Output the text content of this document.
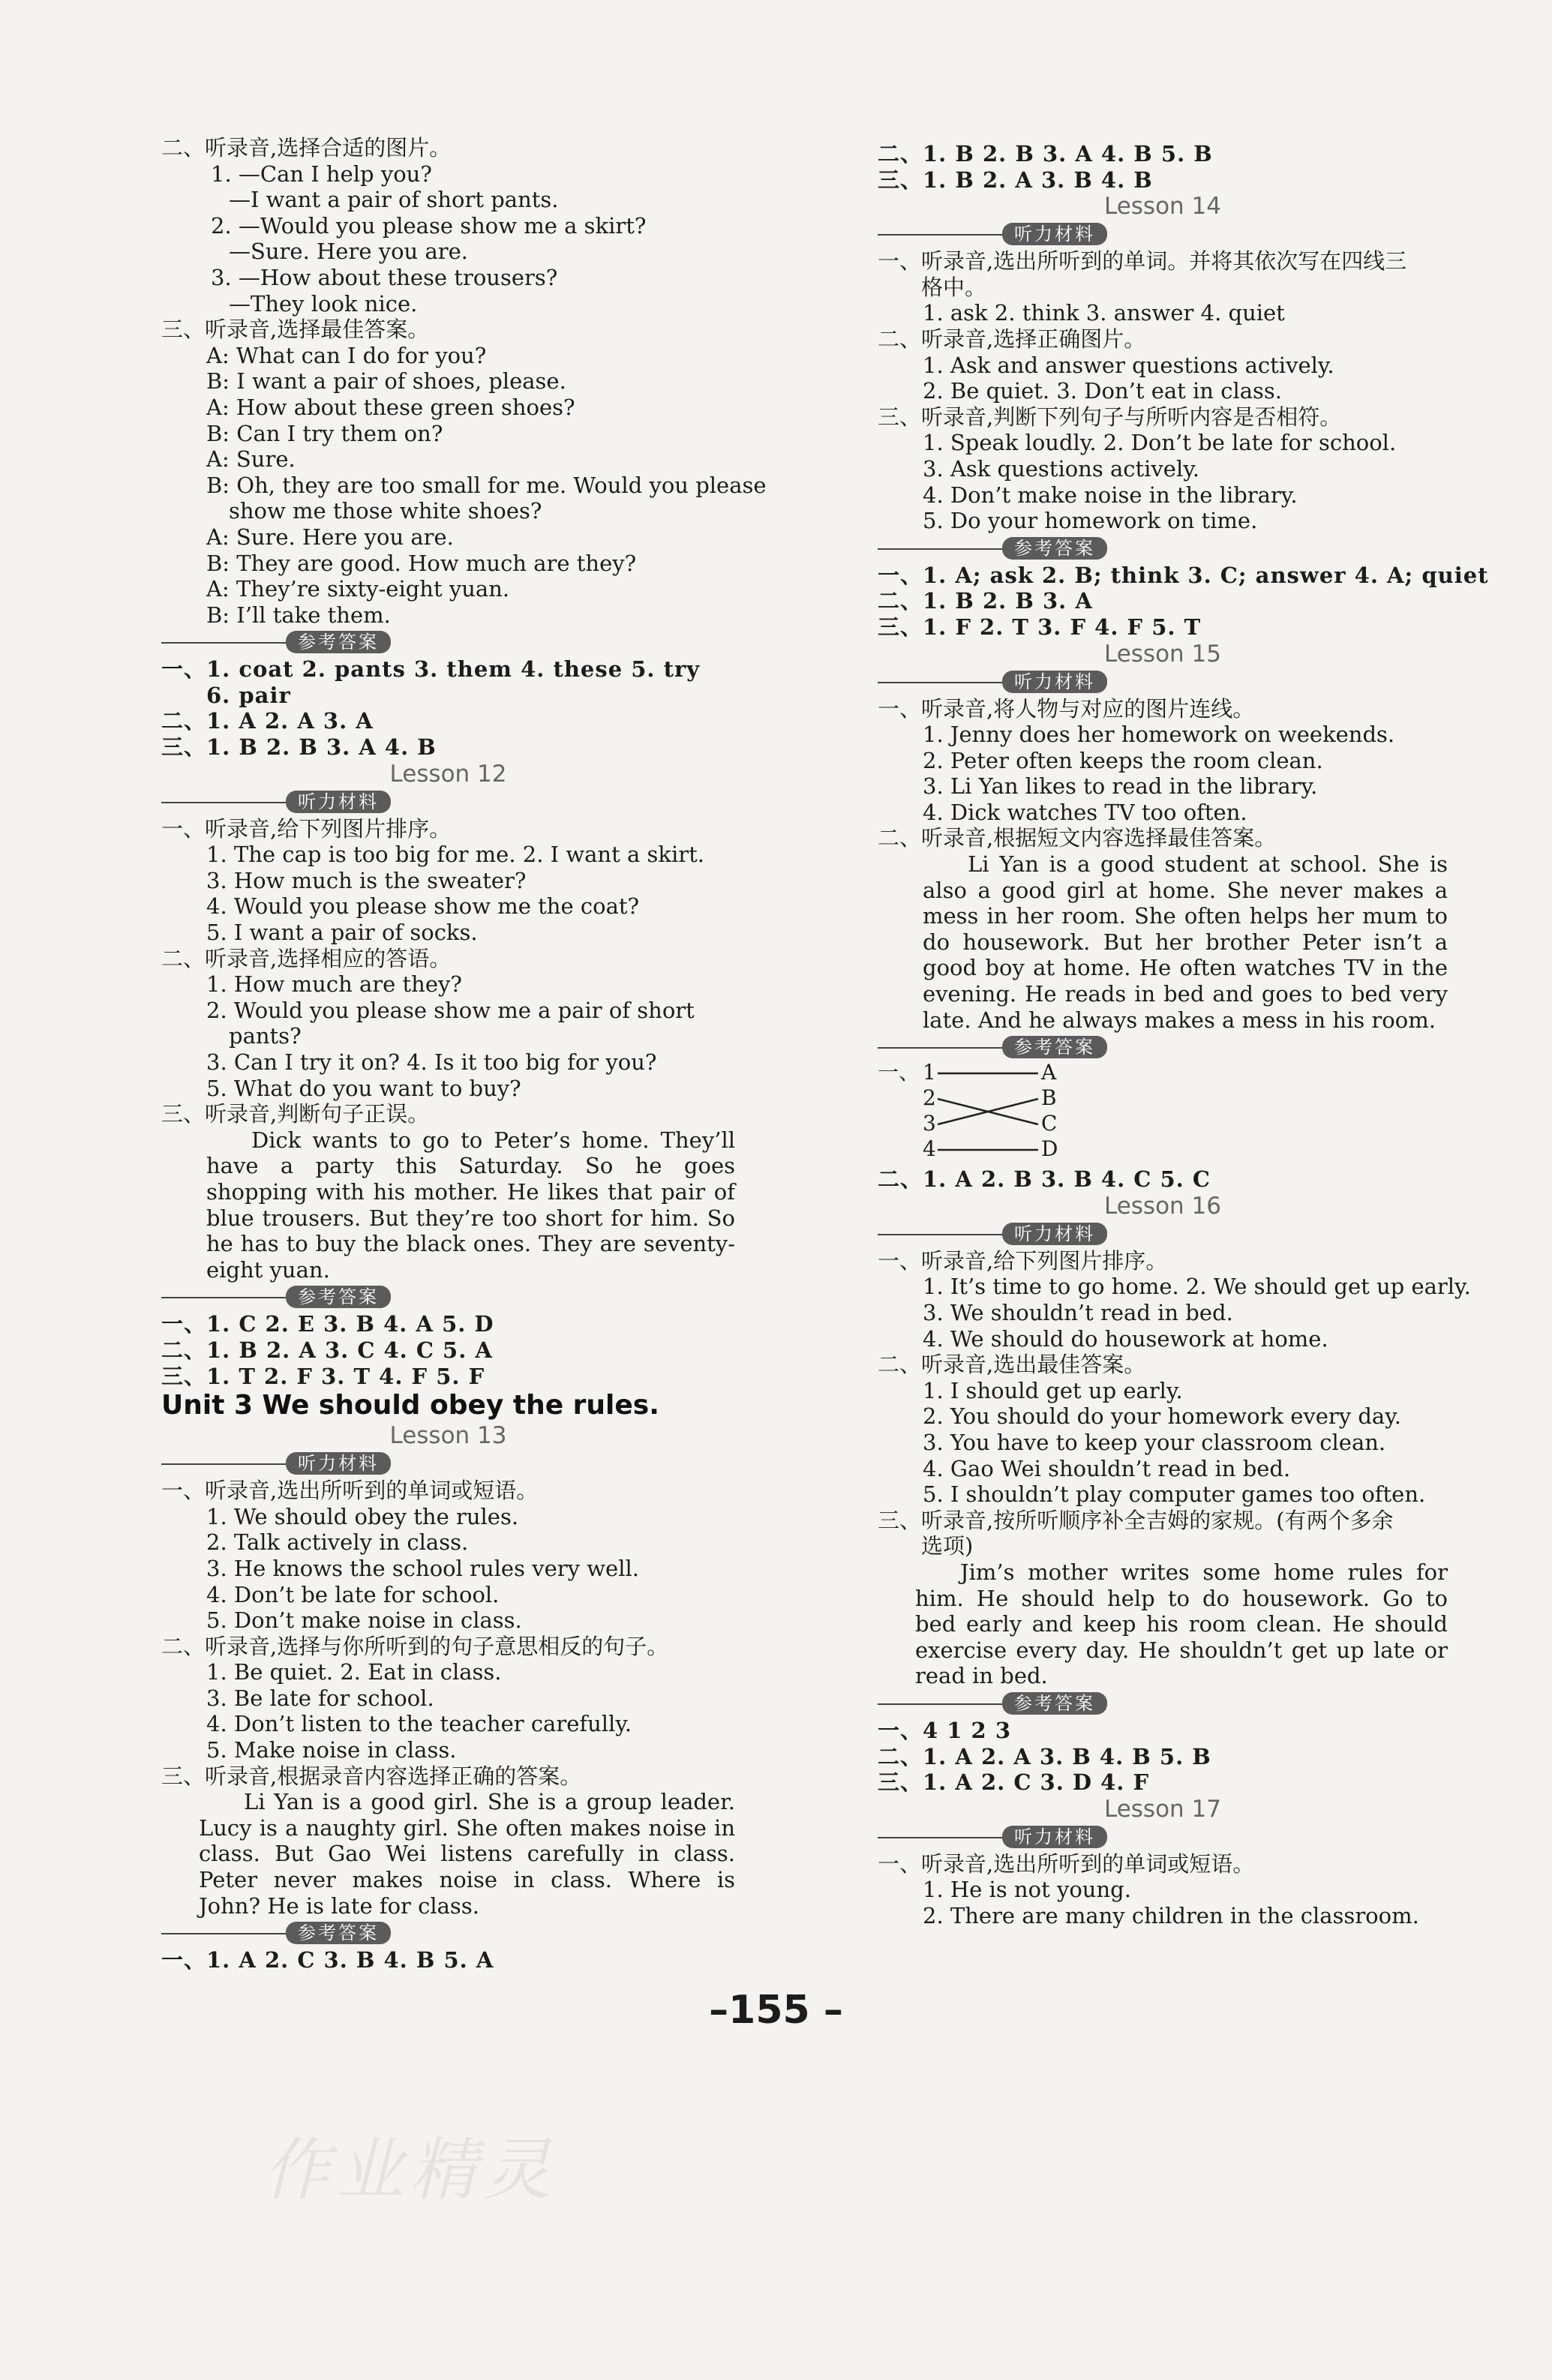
二、听录音,选择合适的图片。
1. —Can I help you?
—I want a pair of short pants.
2. —Would you please show me a skirt?
—Sure. Here you are.
3. —How about these trousers?
—They look nice.
三、听录音,选择最佳答案。
A: What can I do for you?
B: I want a pair of shoes, please.
A: How about these green shoes?
B: Can I try them on?
A: Sure.
B: Oh, they are too small for me. Would you please
show me those white shoes?
A: Sure. Here you are.
B: They are good. How much are they?
A: They’re sixty-eight yuan.
B: I’ll take them.
参考答案
一、1. coat 2. pants 3. them 4. these 5. try
6. pair
二、1. A 2. A 3. A
三、1. B 2. B 3. A 4. B
Lesson 12
听力材料
一、听录音,给下列图片排序。
1. The cap is too big for me. 2. I want a skirt.
3. How much is the sweater?
4. Would you please show me the coat?
5. I want a pair of socks.
二、听录音,选择相应的答语。
1. How much are they?
2. Would you please show me a pair of short
pants?
3. Can I try it on? 4. Is it too big for you?
5. What do you want to buy?
三、听录音,判断句子正误。
Dick wants to go to Peter’s home. They’ll have a party this Saturday. So he goes shopping with his mother. He likes that pair of blue trousers. But they’re too short for him. So he has to buy the black ones. They are seventy-eight yuan.
参考答案
一、1. C 2. E 3. B 4. A 5. D
二、1. B 2. A 3. C 4. C 5. A
三、1. T 2. F 3. T 4. F 5. F
Unit 3 We should obey the rules.
Lesson 13
听力材料
一、听录音,选出所听到的单词或短语。
1. We should obey the rules.
2. Talk actively in class.
3. He knows the school rules very well.
4. Don’t be late for school.
5. Don’t make noise in class.
二、听录音,选择与你所听到的句子意思相反的句子。
1. Be quiet. 2. Eat in class.
3. Be late for school.
4. Don’t listen to the teacher carefully.
5. Make noise in class.
三、听录音,根据录音内容选择正确的答案。
Li Yan is a good girl. She is a group leader. Lucy is a naughty girl. She often makes noise in class. But Gao Wei listens carefully in class. Peter never makes noise in class. Where is John? He is late for class.
参考答案
一、1. A 2. C 3. B 4. B 5. A
二、1. B 2. B 3. A 4. B 5. B
三、1. B 2. A 3. B 4. B
Lesson 14
听力材料
一、听录音,选出所听到的单词。并将其依次写在四线三
格中。
1. ask 2. think 3. answer 4. quiet
二、听录音,选择正确图片。
1. Ask and answer questions actively.
2. Be quiet. 3. Don’t eat in class.
三、听录音,判断下列句子与所听内容是否相符。
1. Speak loudly. 2. Don’t be late for school.
3. Ask questions actively.
4. Don’t make noise in the library.
5. Do your homework on time.
参考答案
一、1. A; ask 2. B; think 3. C; answer 4. A; quiet
二、1. B 2. B 3. A
三、1. F 2. T 3. F 4. F 5. T
Lesson 15
听力材料
一、听录音,将人物与对应的图片连线。
1. Jenny does her homework on weekends.
2. Peter often keeps the room clean.
3. Li Yan likes to read in the library.
4. Dick watches TV too often.
二、听录音,根据短文内容选择最佳答案。
Li Yan is a good student at school. She is also a good girl at home. She never makes a mess in her room. She often helps her mum to do housework. But her brother Peter isn’t a good boy at home. He often watches TV in the evening. He reads in bed and goes to bed very late. And he always makes a mess in his room.
参考答案
一、 1
2
3
4
A
B
C
D
二、1. A 2. B 3. B 4. C 5. C
Lesson 16
听力材料
一、听录音,给下列图片排序。
1. It’s time to go home. 2. We should get up early.
3. We shouldn’t read in bed.
4. We should do housework at home.
二、听录音,选出最佳答案。
1. I should get up early.
2. You should do your homework every day.
3. You have to keep your classroom clean.
4. Gao Wei shouldn’t read in bed.
5. I shouldn’t play computer games too often.
三、听录音,按所听顺序补全吉姆的家规。(有两个多余
选项)
Jim’s mother writes some home rules for him. He should help to do housework. Go to bed early and keep his room clean. He should exercise every day. He shouldn’t get up late or read in bed.
参考答案
一、4 1 2 3
二、1. A 2. A 3. B 4. B 5. B
三、1. A 2. C 3. D 4. F
Lesson 17
听力材料
一、听录音,选出所听到的单词或短语。
1. He is not young.
2. There are many children in the classroom.
–155 –
作业精灵
